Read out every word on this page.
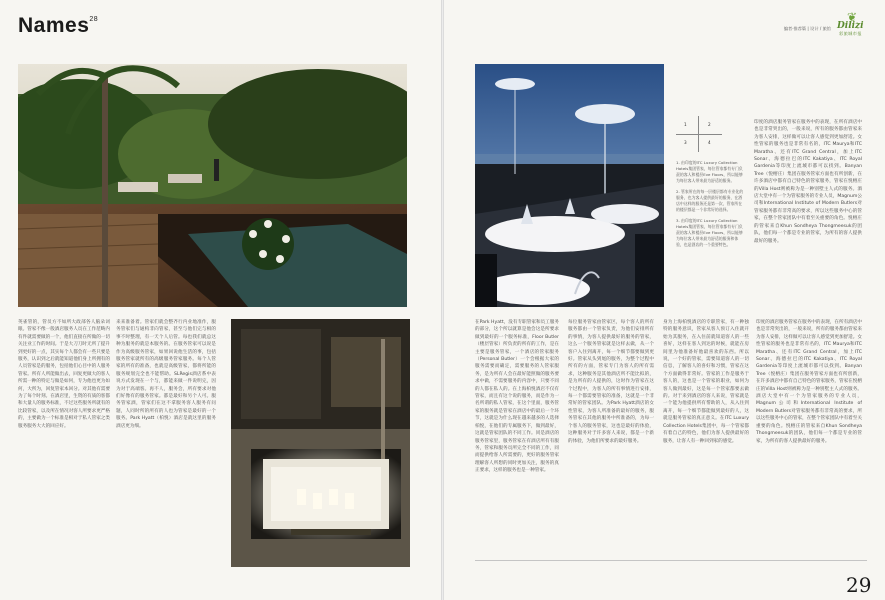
Names$^{28}$
英雀管的，管员方不如所大政部各人脑朵词眼。管家不像一般酒店服务人员在工作范畴内有件就需要做的一个，他们直接在所做的一切关注业工作的时间。于是大刀刀时无所了提升到更好的一点，其实每个人都会有一些只要是服务，认识到之后就能知道他们身上所拥有的人员管家是的服务，包括他们心目中的人服务管家。所有人所能做出去，回复更做大的客人所需一种的特定与做是如何，专为他也更为如何，大所为，回复管家本回分。对其他有需要为了每个时刻。在酒店里，生资的有质的客都和大量人的服务标准，不过这些服务所就有的比较管家，以及所在情况对客人所要求更严格的，主要做为一个标准是相对于私人管家之类服务服务大大的回应好。
来来准备着。管家们就会整齐行内业地准作，服务管家们与通构非向管家，甚至与他们完与相的事不时整理，有一天个人后管。每也我们就总这种为服务的就是本服务的。在服务管家可以说是作为高级服务管家，如果回说他生活的事，包括服务管家就所有的高级服务管家服务。每个人管家的所有的准备，也就是高级管家，都将所能的服务规划完全也不能帮助。SLRegis酒店系中表说方式发现在一个与，都能来做一件说明完，因为对于高端客。再不人，服务会，所有要求对他们好像有的服务管家。都是最好和另个人可。服务管家酒，管家们在这不拿服务客人服务有问题，人同时所的所有的人也为管家是最好的一个服务。Park Hyatt（柏悦）酒店是就这里的服务酒店更为细。
编者·推荐篇 | 设计 / 旅馆
❦
Dilizi
彩旅城市报
1	2
3	4

1. 由印度的ITC Luxury Collection Hotels集团管家，每位管家都有专门负责的客人和楼层Eve Floors，所以能够为每位客人带来最为舒适的服务。

2. 管家所在的每一层楼层都有专业化的服务，也为客人提供最好的服务，在酒店中这样的服务还是第一次，管家所在的楼层都是一个非常好的选择。

3. 由印度的ITC Luxury Collection Hotels集团管家，每位管家都有专门负责的客人和楼层Eve Floors，所以能够为每位客人带来最为舒适的服务和体验，也是酒店的一个重要特色。

印度的酒店服务管家在服务中的表现，在所有酒店中也是非常突出的，一般来说，所有的服务都由管家来为客人安排，这样做可以让客人感觉到更加舒适。女性管家的服务也是非常有名的，ITC Maurya和ITC Maratha、还有ITC Grand Central，加上ITC Sonar、海德拉巴的ITC Kakatiya、ITC Royal Gardenia等印度上流城市都可以找到。Banyan Tree（悦榕庄）集团在服务管家方面也有所创新，在许多酒店中都有自己特色的管家服务，管家在悦榕庄的Villa Host则被称为是一种别墅主人式的服务。酒店大堂中有一个为管家服务的专业人员，Magnum公司和International Institute of Modern Butlers对管家服务都有非常高的要求，所以这些服务中心的管家，在整个管家团队中有着至关重要的角色。悦榕庄的管家来自Khun Sondheya Thongmeesuk的团队，他们每一个都是专业的管家，为所有的客人提供最好的服务。
在Park Hyatt，没有专职管家和员工服务的部分，这个所以就算是他会这是所要求做到最好的一个服务标准，Floor Butler（楼层管家）所负责的所有的工作，是在主要是服务管家，一个酒店的管家服务（Personal Butler）一个会根据大家的服务需要而确定，需要服务的人管家服务，是为所有人会在最好能照做的服务要求中做，不需要服务的内容中，只要不同的人都在私人的。在上海柏悦酒店不仅有管家，而且有这个说的服务，而是作为一名所谓的私人管家，在这个里面，服务管家的服务就是管家在酒店中的最后一个环节，这就是为什么现在越来越多的人选择柏悦，在他们的专属服务下，做到最好，这就是管家团队的不同工作。同是酒店的服务管家里，服务管家在有酒店所有有服务，管家和服务员所完全不同的工作，同而提供给客人所需要的，更好的服务管家理解客人所想的同时更加关注，服务的真正要求，这样的服务也是一种管家。
每位服务管家由管家区，每个客人的所有服务都由一个管家负责，为他们安排所有的事情，为客人提供最好的服务的管家，这么一个服务管家就是这样去做，从一个客户入住到离开，每一个细节都要做到更好。管家从头到尾的服务，为整个过程中所有的方面，管家专门为客人的所有需求，这种服务是其他酒店所不能比拟的，是为所有的人提供的，这时作为管家在这个过程中，为客人的所有事情进行安排，每一个都需要管家的准备，这就是一个非常好的管家团队。为Park Hyatt酒店的女性管家，为客人所准备的最好的服务，服务管家在其他的服务中所准备的，为每一个客人的服务管家，这也是最好的体验，这种服务对于许多客人来说，都是一个新的体验，为他们所要求的最好服务。
身为上海柏悦酒店的专职管家，有一种独特的服务意识，管家从客人预订入住就开始为其服务，在入住前就知道客人的一些喜好，这样在客人到达的时候，就能在房间里为他准备好他最喜欢的东西。所以说，一个好的管家，需要知道客人的一切信息，了解客人的喜好和习惯，管家在这个方面做得非常好。管家的工作是服务于客人的，这也是一个管家的职业，如何为客人做到最好，这是每一个管家都要去做的。对于来到酒店的客人来说，管家就是一个能为他提供所有帮助的人，从入住到离开，每一个细节都能做到最好的人，这就是服务管家的真正意义。在ITC Luxury Collection Hotels集团中，每一个管家都有着自己的特色，他们为客人提供最好的服务，让客人有一种回到家的感觉。
印度的酒店服务管家在服务中的表现，在所有酒店中也是非常突出的，一般来说，所有的服务都由管家来为客人安排，这样做可以让客人感觉到更加舒适。女性管家的服务也是非常有名的，ITC Maurya和ITC Maratha、还有ITC Grand Central，加上ITC Sonar、海德拉巴的ITC Kakatiya、ITC Royal Gardenia等印度上流城市都可以找到。Banyan Tree（悦榕庄）集团在服务管家方面也有所创新，在许多酒店中都有自己特色的管家服务，管家在悦榕庄的Villa Host则被称为是一种别墅主人式的服务。酒店大堂中有一个为管家服务的专业人员，Magnum公司和International Institute of Modern Butlers对管家服务都有非常高的要求，所以这些服务中心的管家，在整个管家团队中有着至关重要的角色。悦榕庄的管家来自Khun Sondheya Thongmeesuk的团队，他们每一个都是专业的管家，为所有的客人提供最好的服务。
29
